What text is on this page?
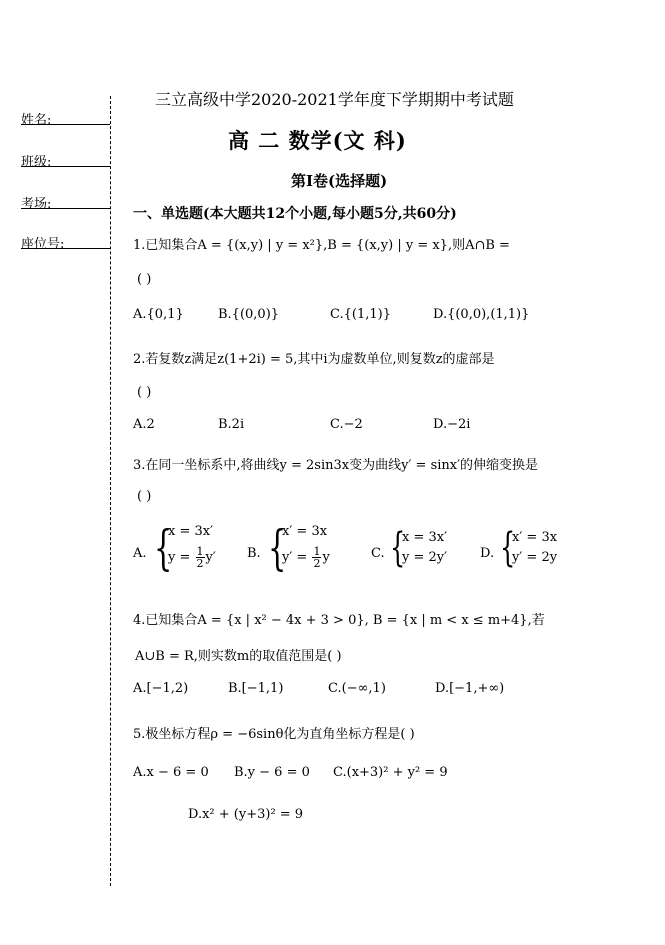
姓名:
班级:
考场:
座位号:
三立高级中学2020-2021学年度下学期期中考试题
高 二 数学(文 科)
第Ⅰ卷(选择题)
一、单选题(本大题共12个小题,每小题5分,共60分)
1.已知集合A = {(x,y) | y = x²},B = {(x,y) | y = x},则A∩B =
( )
A.{0,1}	B.{(0,0)}	C.{(1,1)}	D.{(0,0),(1,1)}
2.若复数z满足z(1+2i) = 5,其中i为虚数单位,则复数z的虚部是
( )
A.2	B.2i	C.−2	D.−2i
3.在同一坐标系中,将曲线y = 2sin3x变为曲线y′ = sinx′的伸缩变换是
( )
A. {
x = 3x′
$y = \frac{1}{2} y'$ B. {
x′ = 3x
$y' = \frac{1}{2}$ y	C. {
x = 3x′
y = 2y′	D. {
x′ = 3x
y′ = 2y
4.已知集合A = {x | x² − 4x + 3 > 0}, B = {x | m < x ≤ m+4},若
A∪B = R,则实数m的取值范围是( )
A.[−1,2)	B.[−1,1)	C.(−∞,1)	D.[−1,+∞)
5.极坐标方程ρ = −6sinθ化为直角坐标方程是( )
A.x − 6 = 0 B.y − 6 = 0 C.(x+3)² + y² = 9
D.x² + (y+3)² = 9
